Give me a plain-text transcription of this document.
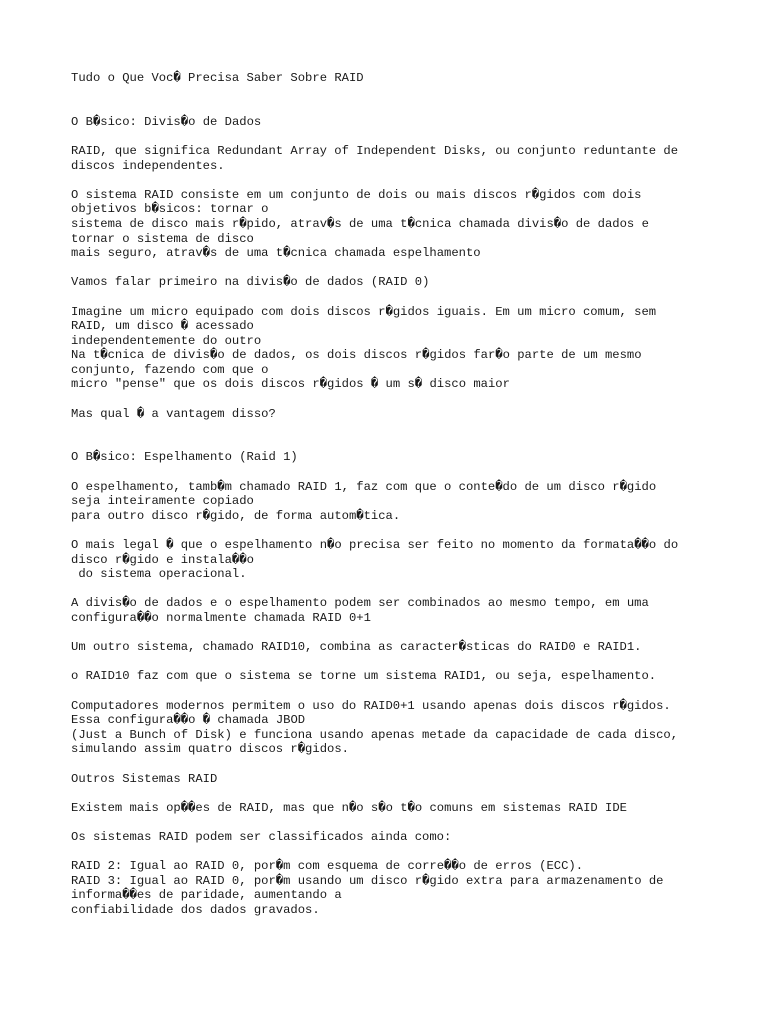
Tudo o Que Voc� Precisa Saber Sobre RAID

O B�sico: Divis�o de Dados

RAID, que significa Redundant Array of Independent Disks, ou conjunto reduntante de
discos independentes.

O sistema RAID consiste em um conjunto de dois ou mais discos r�gidos com dois
objetivos b�sicos: tornar o
sistema de disco mais r�pido, atrav�s de uma t�cnica chamada divis�o de dados e
tornar o sistema de disco
mais seguro, atrav�s de uma t�cnica chamada espelhamento

Vamos falar primeiro na divis�o de dados (RAID 0)

Imagine um micro equipado com dois discos r�gidos iguais. Em um micro comum, sem
RAID, um disco � acessado
independentemente do outro
Na t�cnica de divis�o de dados, os dois discos r�gidos far�o parte de um mesmo
conjunto, fazendo com que o
micro "pense" que os dois discos r�gidos � um s� disco maior

Mas qual � a vantagem disso?

O B�sico: Espelhamento (Raid 1)

O espelhamento, tamb�m chamado RAID 1, faz com que o conte�do de um disco r�gido
seja inteiramente copiado
para outro disco r�gido, de forma autom�tica.

O mais legal � que o espelhamento n�o precisa ser feito no momento da formata��o do
disco r�gido e instala��o
do sistema operacional.

A divis�o de dados e o espelhamento podem ser combinados ao mesmo tempo, em uma
configura��o normalmente chamada RAID 0+1

Um outro sistema, chamado RAID10, combina as caracter�sticas do RAID0 e RAID1.

o RAID10 faz com que o sistema se torne um sistema RAID1, ou seja, espelhamento.

Computadores modernos permitem o uso do RAID0+1 usando apenas dois discos r�gidos.
Essa configura��o � chamada JBOD
(Just a Bunch of Disk) e funciona usando apenas metade da capacidade de cada disco,
simulando assim quatro discos r�gidos.

Outros Sistemas RAID

Existem mais op��es de RAID, mas que n�o s�o t�o comuns em sistemas RAID IDE

Os sistemas RAID podem ser classificados ainda como:

RAID 2: Igual ao RAID 0, por�m com esquema de corre��o de erros (ECC).
RAID 3: Igual ao RAID 0, por�m usando um disco r�gido extra para armazenamento de
informa��es de paridade, aumentando a
confiabilidade dos dados gravados.
